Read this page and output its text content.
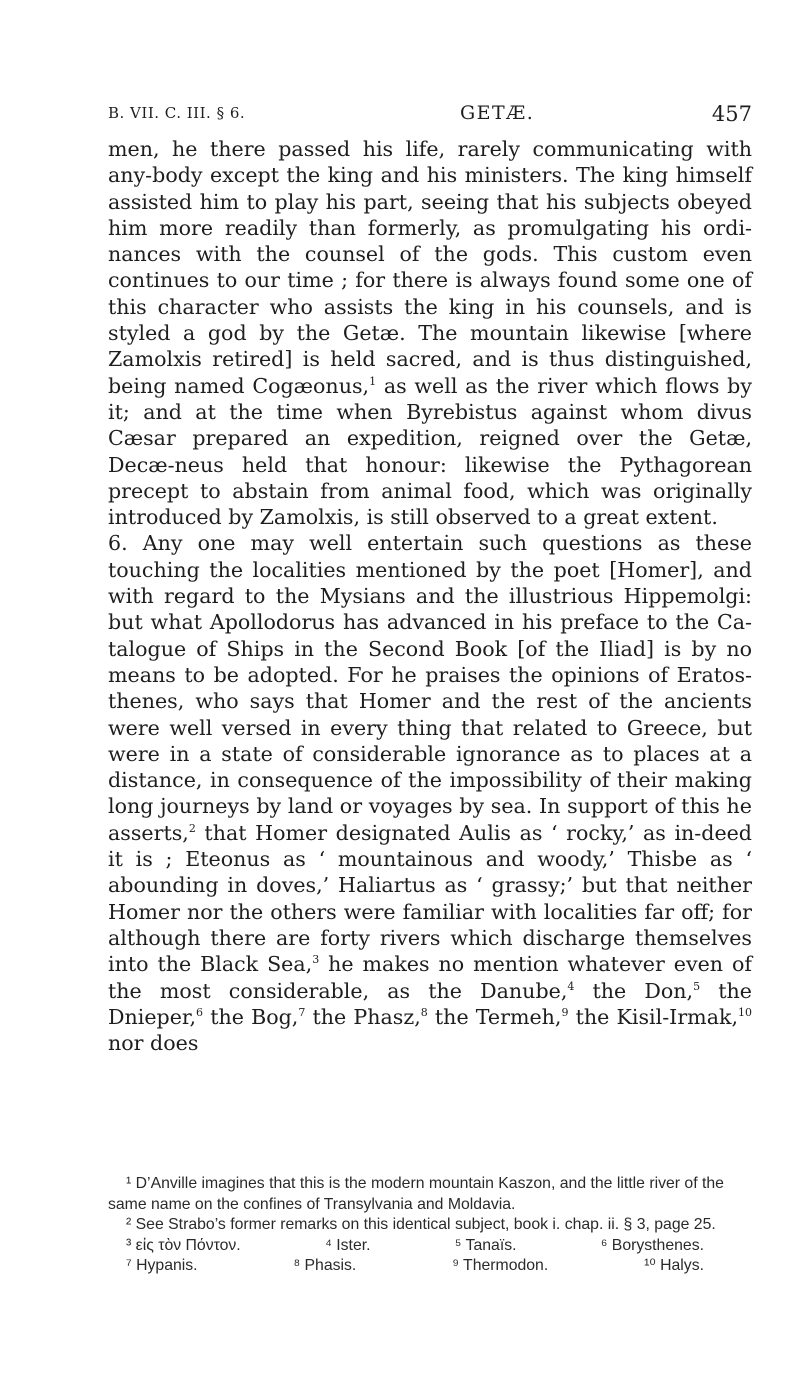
B. VII. C. III. § 6.	GETÆ.	457

men, he there passed his life, rarely communicating with any-body except the king and his ministers. The king himself assisted him to play his part, seeing that his subjects obeyed him more readily than formerly, as promulgating his ordi-nances with the counsel of the gods. This custom even continues to our time ; for there is always found some one of this character who assists the king in his counsels, and is styled a god by the Getæ. The mountain likewise [where Zamolxis retired] is held sacred, and is thus distinguished, being named Cogæonus,$^1$ as well as the river which flows by it; and at the time when Byrebistus against whom divus Cæsar prepared an expedition, reigned over the Getæ, Decæ-neus held that honour: likewise the Pythagorean precept to abstain from animal food, which was originally introduced by Zamolxis, is still observed to a great extent.

6. Any one may well entertain such questions as these touching the localities mentioned by the poet [Homer], and with regard to the Mysians and the illustrious Hippemolgi: but what Apollodorus has advanced in his preface to the Ca-talogue of Ships in the Second Book [of the Iliad] is by no means to be adopted. For he praises the opinions of Eratos-thenes, who says that Homer and the rest of the ancients were well versed in every thing that related to Greece, but were in a state of considerable ignorance as to places at a distance, in consequence of the impossibility of their making long journeys by land or voyages by sea. In support of this he asserts,$^2$ that Homer designated Aulis as ‘ rocky,’ as in-deed it is ; Eteonus as ‘ mountainous and woody,’ Thisbe as ‘ abounding in doves,’ Haliartus as ‘ grassy;’ but that neither Homer nor the others were familiar with localities far off; for although there are forty rivers which discharge themselves into the Black Sea,$^3$ he makes no mention whatever even of the most considerable, as the Danube,$^4$ the Don,$^5$ the Dnieper,$^6$ the Bog,$^7$ the Phasz,$^8$ the Termeh,$^9$ the Kisil-Irmak,$^{10}$ nor does

¹ D’Anville imagines that this is the modern mountain Kaszon, and the little river of the same name on the confines of Transylvania and Moldavia.

² See Strabo’s former remarks on this identical subject, book i. chap. ii. § 3, page 25.

³ εἰς τὸν Πόντον.	⁴ Ister.	⁵ Tanaïs.	⁶ Borysthenes.
⁷ Hypanis.	⁸ Phasis.	⁹ Thermodon.	¹⁰ Halys.
